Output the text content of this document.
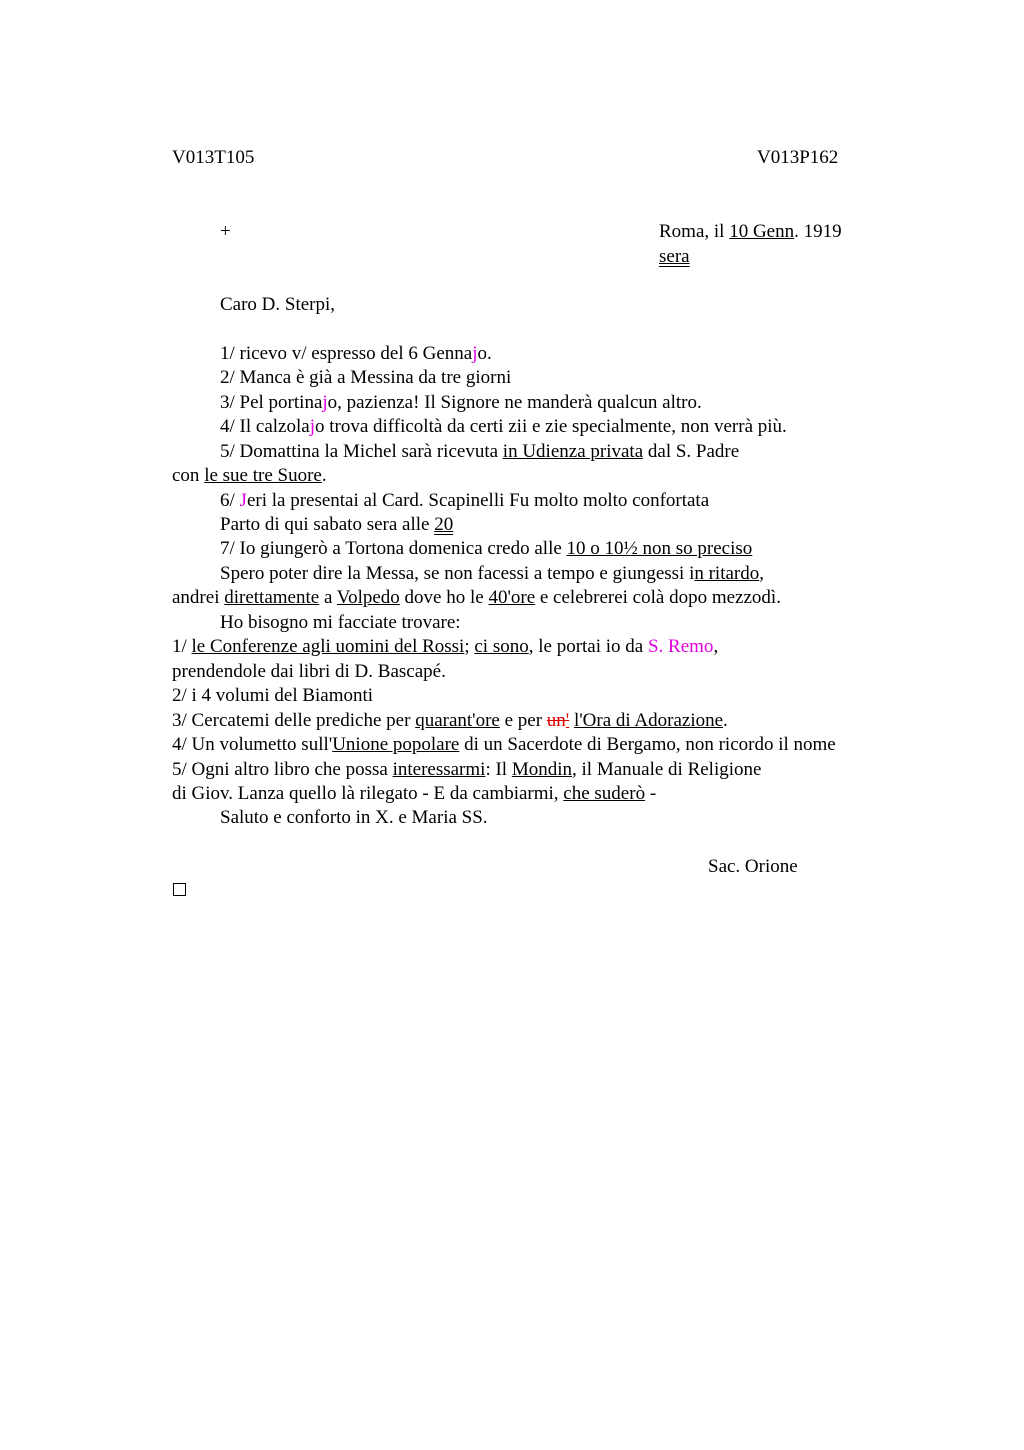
V013T105	V013P162
+	Roma, il 10 Genn. 1919
sera
Caro D. Sterpi,
1/ ricevo v/ espresso del 6 Gennajo.
2/ Manca è già a Messina da tre giorni
3/ Pel portinajo, pazienza! Il Signore ne manderà qualcun altro.
4/ Il calzolajo trova difficoltà da certi zii e zie specialmente, non verrà più.
5/ Domattina la Michel sarà ricevuta in Udienza privata dal S. Padre
con le sue tre Suore.
6/ Jeri la presentai al Card. Scapinelli Fu molto molto confortata
Parto di qui sabato sera alle 20
7/ Io giungerò a Tortona domenica credo alle 10 o 10½ non so preciso
Spero poter dire la Messa, se non facessi a tempo e giungessi in ritardo,
andrei direttamente a Volpedo dove ho le 40'ore e celebrerei colà dopo mezzodì.
Ho bisogno mi facciate trovare:
1/ le Conferenze agli uomini del Rossi; ci sono, le portai io da S. Remo,
prendendole dai libri di D. Bascapé.
2/ i 4 volumi del Biamonti
3/ Cercatemi delle prediche per quarant'ore e per un' l'Ora di Adorazione.
4/ Un volumetto sull'Unione popolare di un Sacerdote di Bergamo, non ricordo il nome
5/ Ogni altro libro che possa interessarmi: Il Mondin, il Manuale di Religione
di Giov. Lanza quello là rilegato - E da cambiarmi, che suderò -
Saluto e conforto in X. e Maria SS.
Sac. Orione
